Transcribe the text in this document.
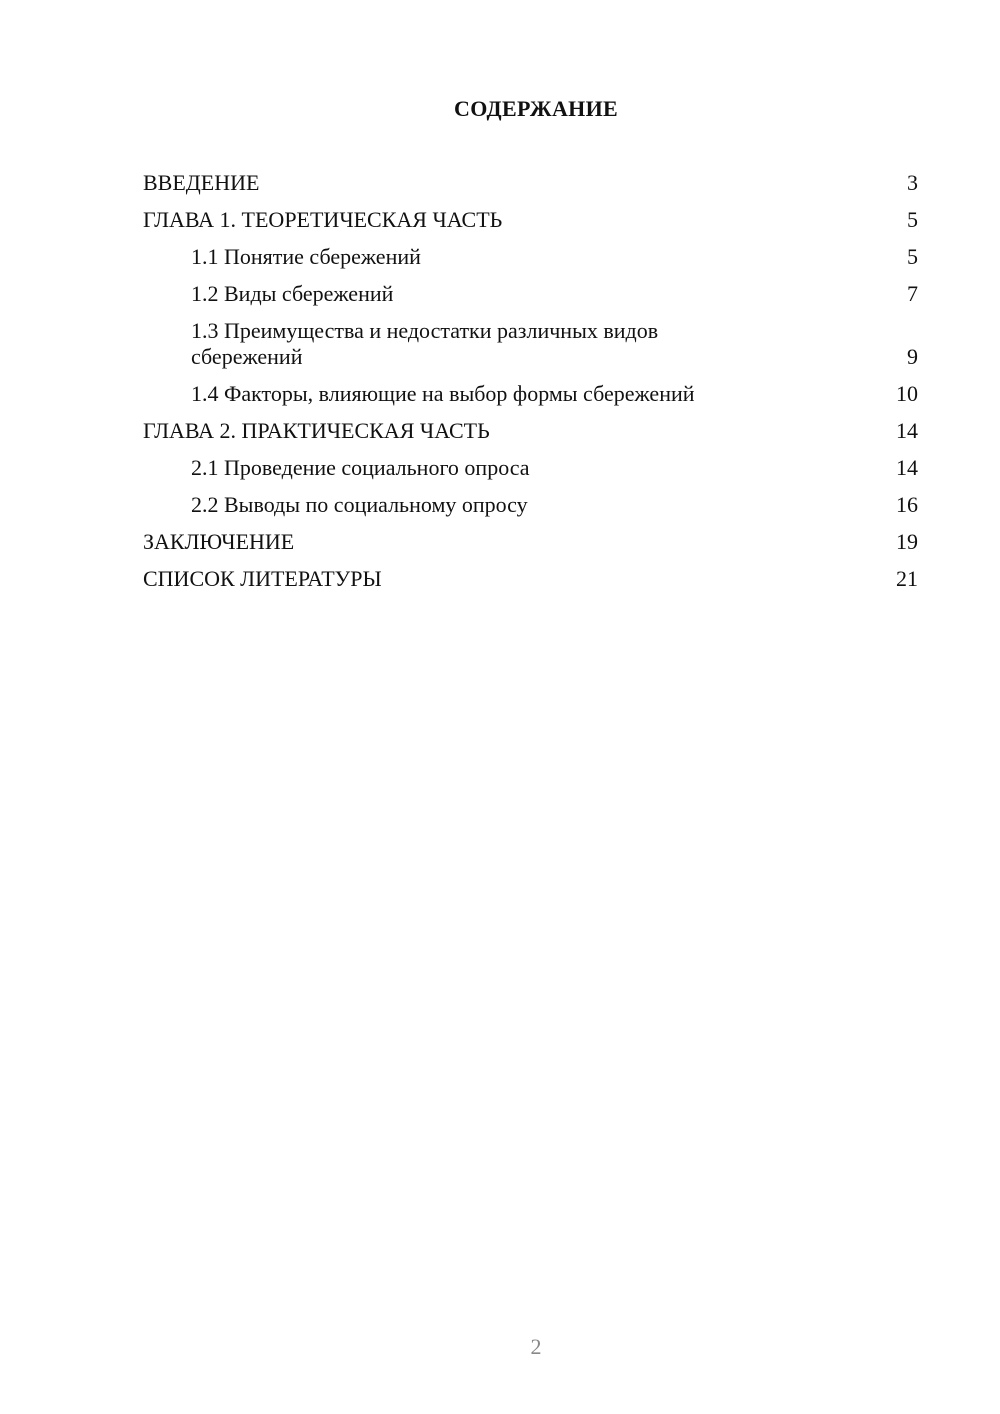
СОДЕРЖАНИЕ
ВВЕДЕНИЕ	3
ГЛАВА 1. ТЕОРЕТИЧЕСКАЯ ЧАСТЬ	5
1.1 Понятие сбережений	5
1.2 Виды сбережений	7
1.3 Преимущества и недостатки различных видов сбережений	9
1.4 Факторы, влияющие на выбор формы сбережений	10
ГЛАВА 2. ПРАКТИЧЕСКАЯ ЧАСТЬ	14
2.1 Проведение социального опроса	14
2.2 Выводы по социальному опросу	16
ЗАКЛЮЧЕНИЕ	19
СПИСОК ЛИТЕРАТУРЫ	21
2
